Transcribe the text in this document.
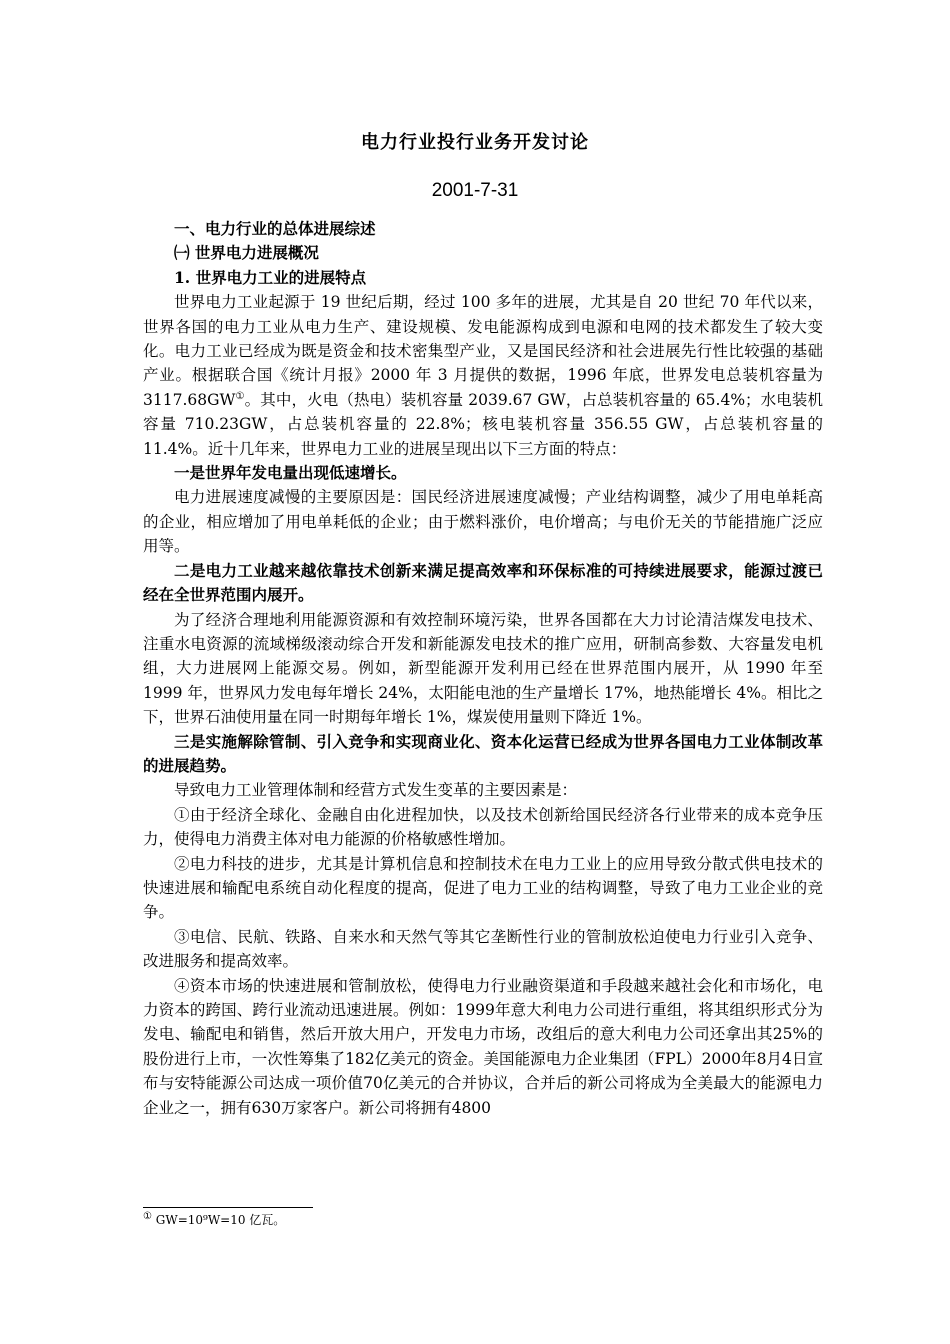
电力行业投行业务开发讨论
2001-7-31

一、电力行业的总体进展综述

㈠ 世界电力进展概况

1. 世界电力工业的进展特点

世界电力工业起源于 19 世纪后期，经过 100 多年的进展，尤其是自 20 世纪 70 年代以来，世界各国的电力工业从电力生产、建设规模、发电能源构成到电源和电网的技术都发生了较大变化。电力工业已经成为既是资金和技术密集型产业，又是国民经济和社会进展先行性比较强的基础产业。根据联合国《统计月报》2000 年 3 月提供的数据，1996 年底，世界发电总装机容量为 3117.68GW①。其中，火电（热电）装机容量 2039.67 GW，占总装机容量的 65.4%；水电装机容量 710.23GW，占总装机容量的 22.8%；核电装机容量 356.55 GW，占总装机容量的 11.4%。近十几年来，世界电力工业的进展呈现出以下三方面的特点：

一是世界年发电量出现低速增长。

电力进展速度减慢的主要原因是：国民经济进展速度减慢；产业结构调整，减少了用电单耗高的企业，相应增加了用电单耗低的企业；由于燃料涨价，电价增高；与电价无关的节能措施广泛应用等。

二是电力工业越来越依靠技术创新来满足提高效率和环保标准的可持续进展要求，能源过渡已经在全世界范围内展开。

为了经济合理地利用能源资源和有效控制环境污染，世界各国都在大力讨论清洁煤发电技术、注重水电资源的流域梯级滚动综合开发和新能源发电技术的推广应用，研制高参数、大容量发电机组，大力进展网上能源交易。例如，新型能源开发利用已经在世界范围内展开，从 1990 年至 1999 年，世界风力发电每年增长 24%，太阳能电池的生产量增长 17%，地热能增长 4%。相比之下，世界石油使用量在同一时期每年增长 1%，煤炭使用量则下降近 1%。

三是实施解除管制、引入竞争和实现商业化、资本化运营已经成为世界各国电力工业体制改革的进展趋势。

导致电力工业管理体制和经营方式发生变革的主要因素是：

①由于经济全球化、金融自由化进程加快，以及技术创新给国民经济各行业带来的成本竞争压力，使得电力消费主体对电力能源的价格敏感性增加。

②电力科技的进步，尤其是计算机信息和控制技术在电力工业上的应用导致分散式供电技术的快速进展和输配电系统自动化程度的提高，促进了电力工业的结构调整，导致了电力工业企业的竞争。

③电信、民航、铁路、自来水和天然气等其它垄断性行业的管制放松迫使电力行业引入竞争、改进服务和提高效率。

④资本市场的快速进展和管制放松，使得电力行业融资渠道和手段越来越社会化和市场化，电力资本的跨国、跨行业流动迅速进展。例如：1999年意大利电力公司进行重组，将其组织形式分为发电、输配电和销售，然后开放大用户，开发电力市场，改组后的意大利电力公司还拿出其25%的股份进行上市，一次性筹集了182亿美元的资金。美国能源电力企业集团（FPL）2000年8月4日宣布与安特能源公司达成一项价值70亿美元的合并协议，合并后的新公司将成为全美最大的能源电力企业之一，拥有630万家客户。新公司将拥有4800

① GW=10⁹W=10 亿瓦。
